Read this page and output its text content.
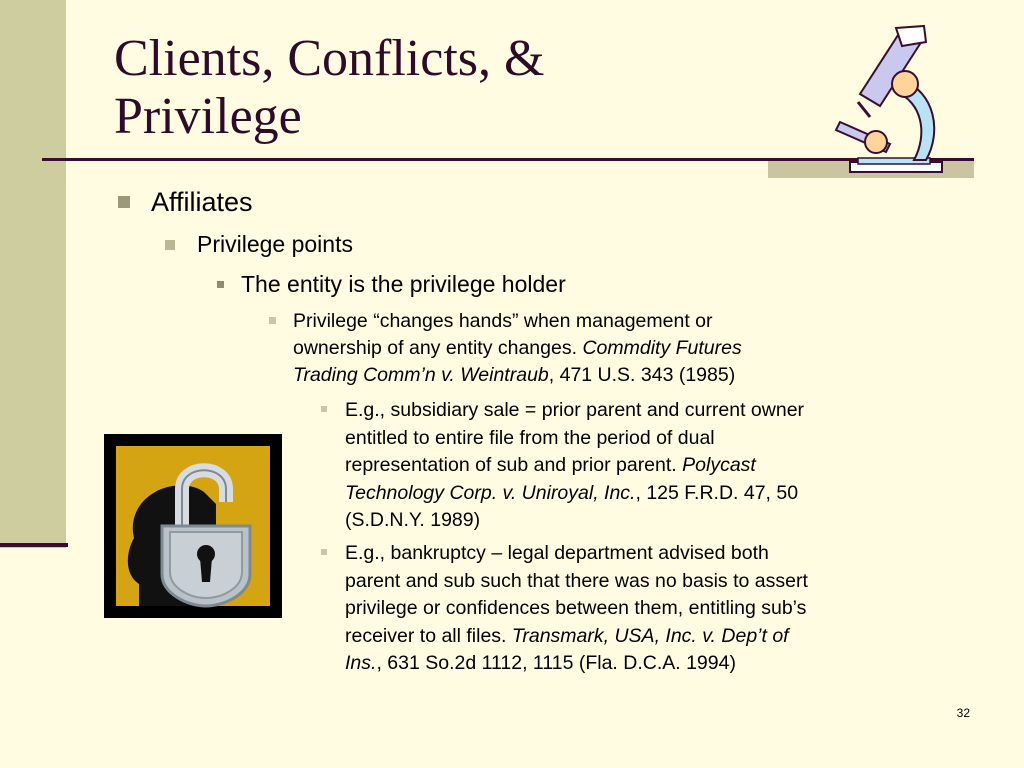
Clients, Conflicts, &
Privilege
Affiliates
Privilege points
The entity is the privilege holder
Privilege “changes hands” when management or
ownership of any entity changes. Commdity Futures
Trading Comm’n v. Weintraub, 471 U.S. 343 (1985)
E.g., subsidiary sale = prior parent and current owner
entitled to entire file from the period of dual
representation of sub and prior parent. Polycast
Technology Corp. v. Uniroyal, Inc., 125 F.R.D. 47, 50
(S.D.N.Y. 1989)
E.g., bankruptcy – legal department advised both
parent and sub such that there was no basis to assert
privilege or confidences between them, entitling sub’s
receiver to all files. Transmark, USA, Inc. v. Dep’t of
Ins., 631 So.2d 1112, 1115 (Fla. D.C.A. 1994)
32
